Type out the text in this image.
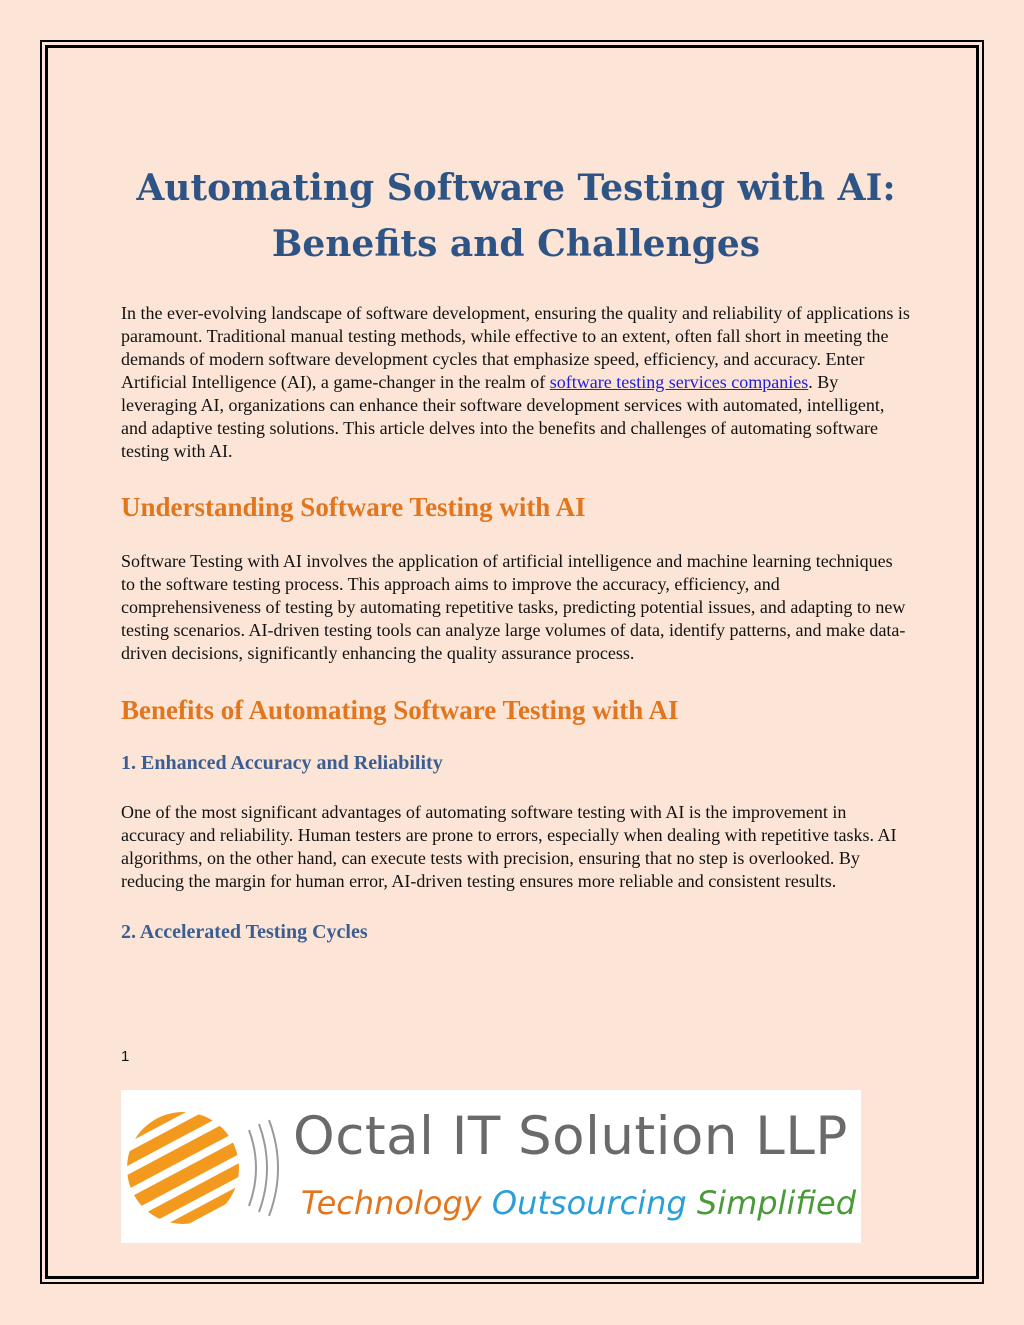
Automating Software Testing with AI:
Benefits and Challenges

In the ever-evolving landscape of software development, ensuring the quality and reliability of applications is paramount. Traditional manual testing methods, while effective to an extent, often fall short in meeting the demands of modern software development cycles that emphasize speed, efficiency, and accuracy. Enter Artificial Intelligence (AI), a game-changer in the realm of software testing services companies. By leveraging AI, organizations can enhance their software development services with automated, intelligent, and adaptive testing solutions. This article delves into the benefits and challenges of automating software testing with AI.

Understanding Software Testing with AI

Software Testing with AI involves the application of artificial intelligence and machine learning techniques to the software testing process. This approach aims to improve the accuracy, efficiency, and comprehensiveness of testing by automating repetitive tasks, predicting potential issues, and adapting to new testing scenarios. AI-driven testing tools can analyze large volumes of data, identify patterns, and make data-driven decisions, significantly enhancing the quality assurance process.

Benefits of Automating Software Testing with AI
1. Enhanced Accuracy and Reliability

One of the most significant advantages of automating software testing with AI is the improvement in accuracy and reliability. Human testers are prone to errors, especially when dealing with repetitive tasks. AI algorithms, on the other hand, can execute tests with precision, ensuring that no step is overlooked. By reducing the margin for human error, AI-driven testing ensures more reliable and consistent results.

2. Accelerated Testing Cycles
1
Octal IT Solution LLP
Technology Outsourcing Simplified
